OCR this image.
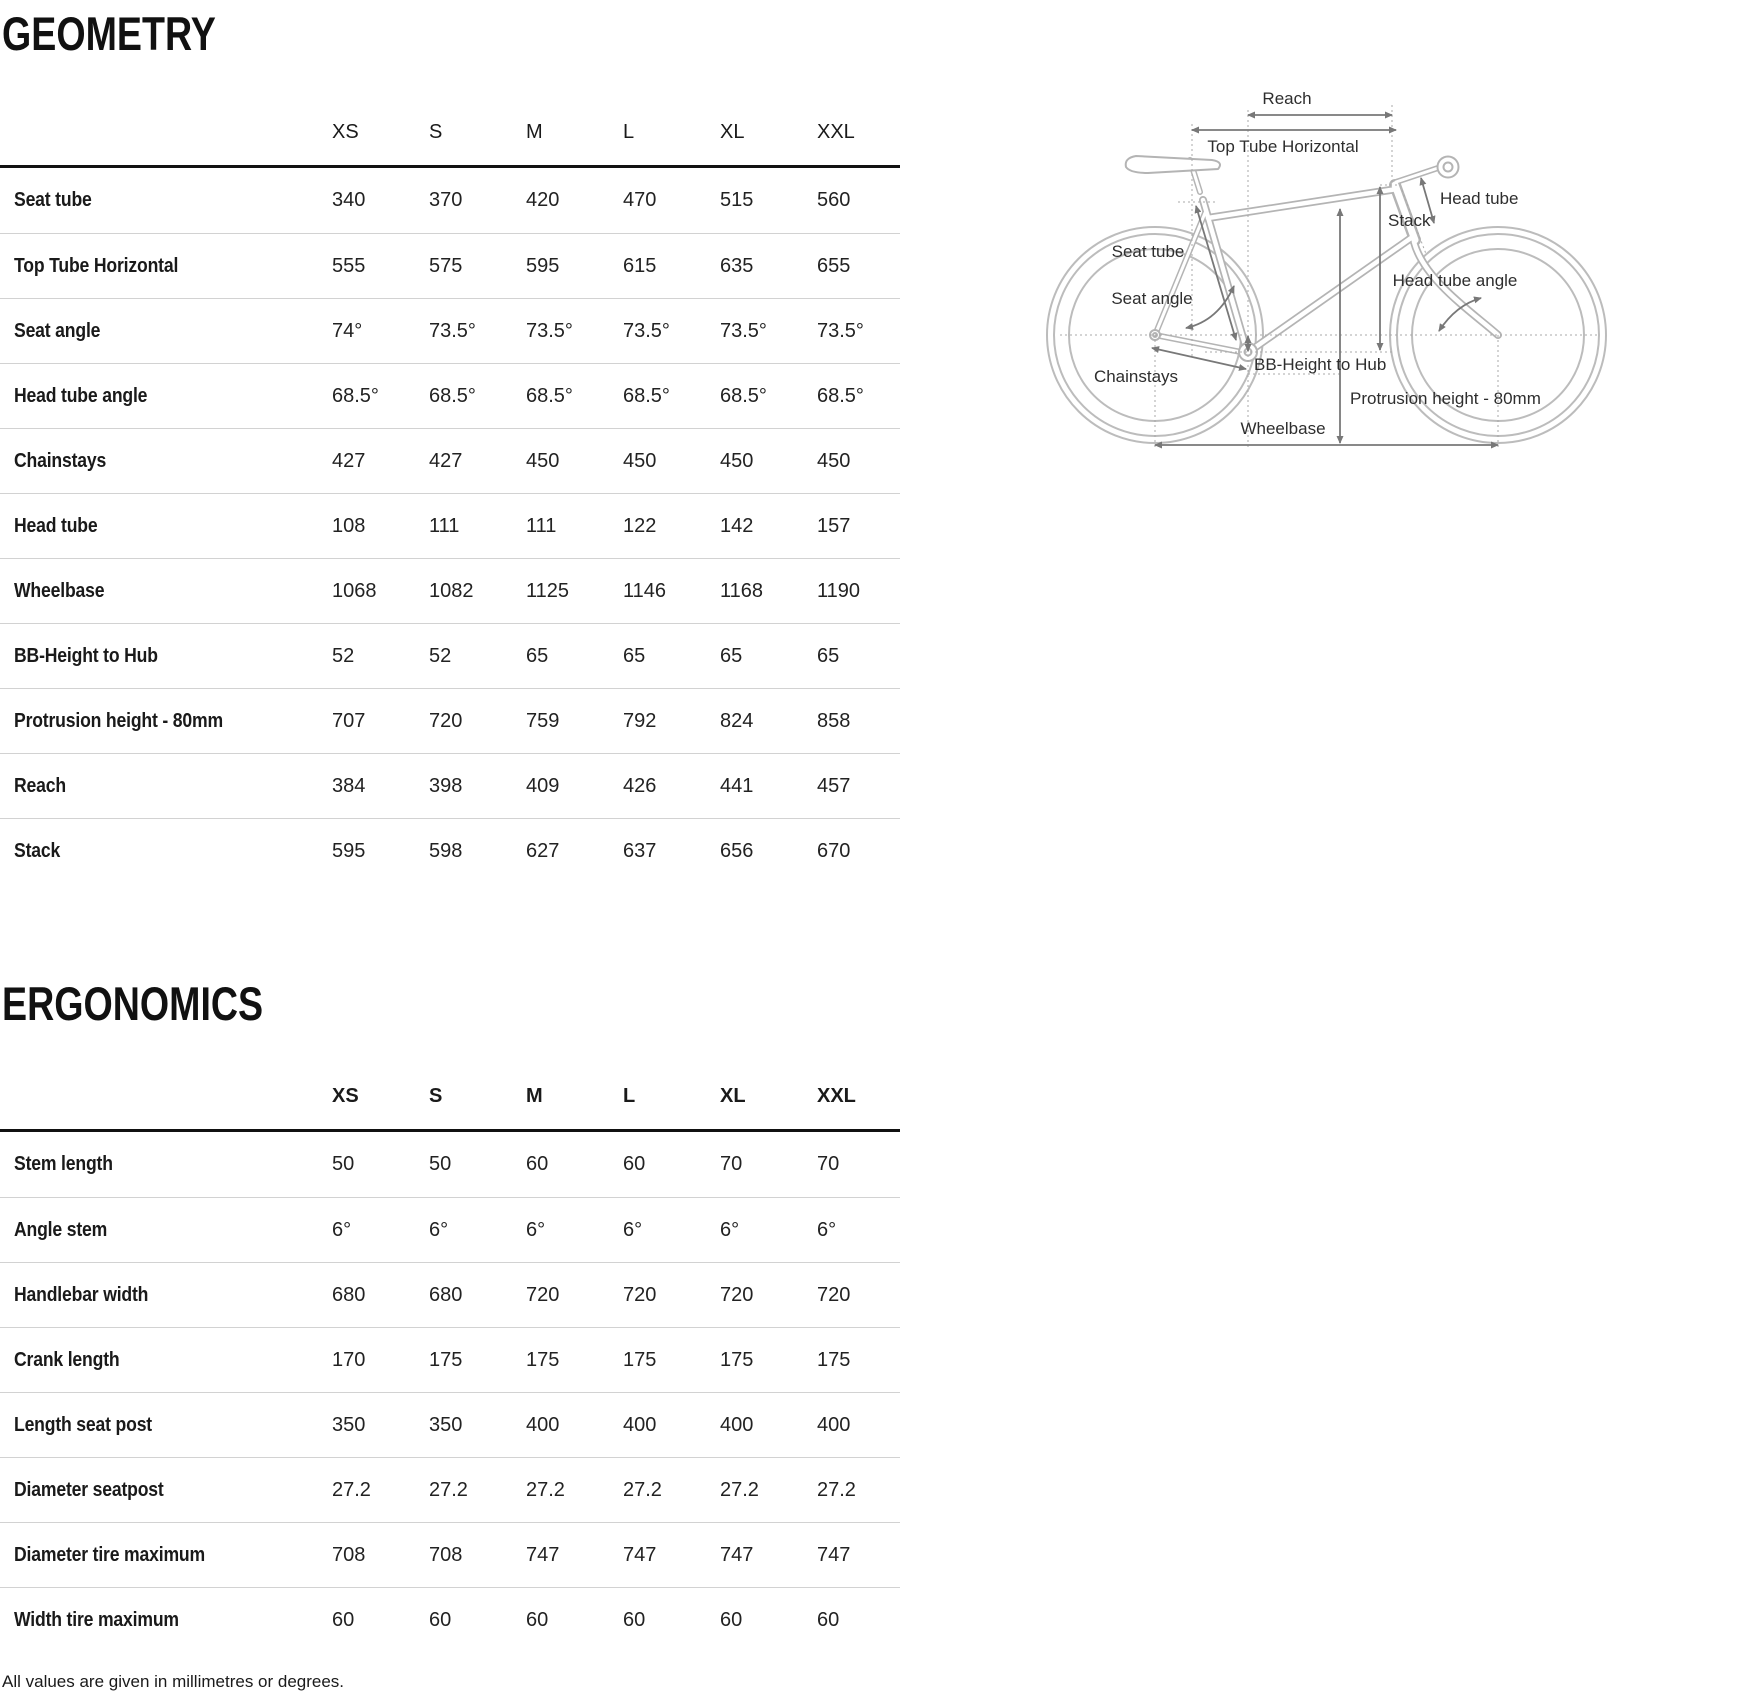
GEOMETRY
XS	S	M	L	XL	XXL
Seat tube	340	370	420	470	515	560
Top Tube Horizontal	555	575	595	615	635	655
Seat angle	74°	73.5°	73.5°	73.5°	73.5°	73.5°
Head tube angle	68.5°	68.5°	68.5°	68.5°	68.5°	68.5°
Chainstays	427	427	450	450	450	450
Head tube	108	111	111	122	142	157
Wheelbase	1068	1082	1125	1146	1168	1190
BB-Height to Hub	52	52	65	65	65	65
Protrusion height - 80mm	707	720	759	792	824	858
Reach	384	398	409	426	441	457
Stack	595	598	627	637	656	670
ERGONOMICS
XS	S	M	L	XL	XXL
Stem length	50	50	60	60	70	70
Angle stem	6°	6°	6°	6°	6°	6°
Handlebar width	680	680	720	720	720	720
Crank length	170	175	175	175	175	175
Length seat post	350	350	400	400	400	400
Diameter seatpost	27.2	27.2	27.2	27.2	27.2	27.2
Diameter tire maximum	708	708	747	747	747	747
Width tire maximum	60	60	60	60	60	60
All values are given in millimetres or degrees.
Reach
Top Tube Horizontal
Head tube
Stack
Seat tube
Seat angle
Head tube angle
Chainstays
BB-Height to Hub
Protrusion height - 80mm
Wheelbase
